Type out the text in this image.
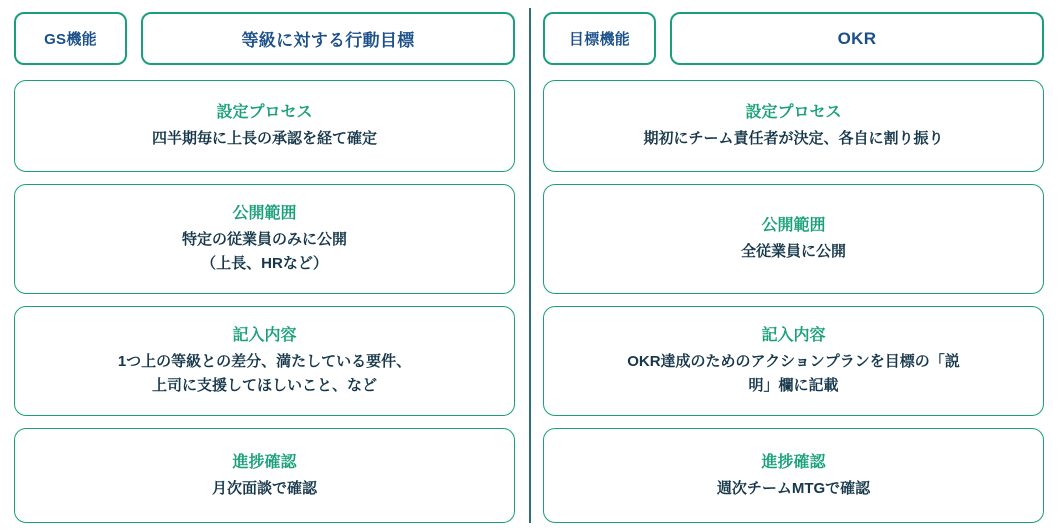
GS機能	等級に対する行動目標
設定プロセス
四半期毎に上長の承認を経て確定
公開範囲
特定の従業員のみに公開
（上長、HRなど）
記入内容
1つ上の等級との差分、満たしている要件、
上司に支援してほしいこと、など
進捗確認
月次面談で確認
目標機能	OKR
設定プロセス
期初にチーム責任者が決定、各自に割り振り
公開範囲
全従業員に公開
記入内容
OKR達成のためのアクションプランを目標の「説
明」欄に記載
進捗確認
週次チームMTGで確認
